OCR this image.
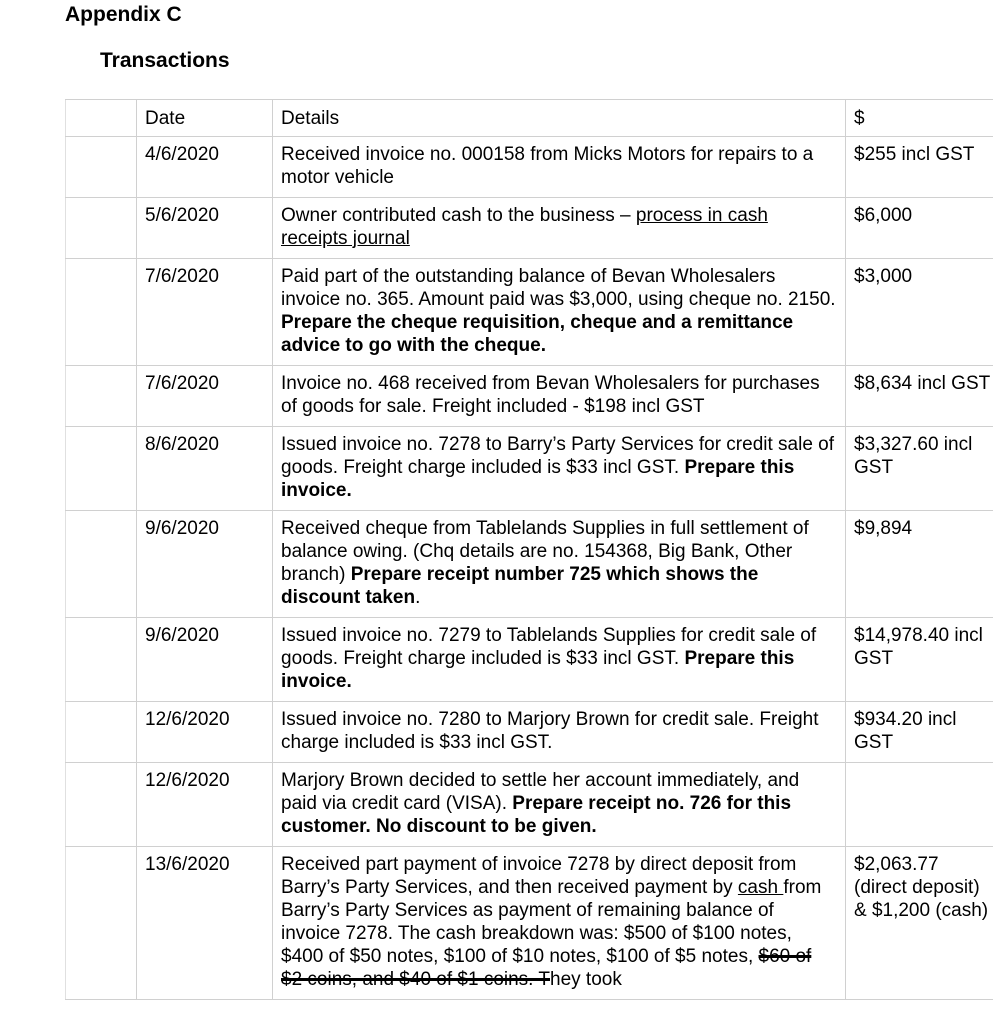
Appendix C
Transactions
	Date	Details	$
	4/6/2020	Received invoice no. 000158 from Micks Motors for repairs to a motor vehicle	$255 incl GST
	5/6/2020	Owner contributed cash to the business – process in cash receipts journal	$6,000
	7/6/2020	Paid part of the outstanding balance of Bevan Wholesalers invoice no. 365. Amount paid was $3,000, using cheque no. 2150. Prepare the cheque requisition, cheque and a remittance advice to go with the cheque.	$3,000
	7/6/2020	Invoice no. 468 received from Bevan Wholesalers for purchases of goods for sale. Freight included - $198 incl GST	$8,634 incl GST
	8/6/2020	Issued invoice no. 7278 to Barry’s Party Services for credit sale of goods. Freight charge included is $33 incl GST. Prepare this invoice.	$3,327.60 incl GST
	9/6/2020	Received cheque from Tablelands Supplies in full settlement of balance owing. (Chq details are no. 154368, Big Bank, Other branch) Prepare receipt number 725 which shows the discount taken.	$9,894
	9/6/2020	Issued invoice no. 7279 to Tablelands Supplies for credit sale of goods. Freight charge included is $33 incl GST. Prepare this invoice.	$14,978.40 incl GST
	12/6/2020	Issued invoice no. 7280 to Marjory Brown for credit sale. Freight charge included is $33 incl GST.	$934.20 incl GST
	12/6/2020	Marjory Brown decided to settle her account immediately, and paid via credit card (VISA). Prepare receipt no. 726 for this customer. No discount to be given.	
	13/6/2020	Received part payment of invoice 7278 by direct deposit from Barry’s Party Services, and then received payment by cash from Barry’s Party Services as payment of remaining balance of invoice 7278. The cash breakdown was: $500 of $100 notes, $400 of $50 notes, $100 of $10 notes, $100 of $5 notes, $60 of $2 coins, and $40 of $1 coins. They took	$2,063.77 (direct deposit) & $1,200 (cash)
